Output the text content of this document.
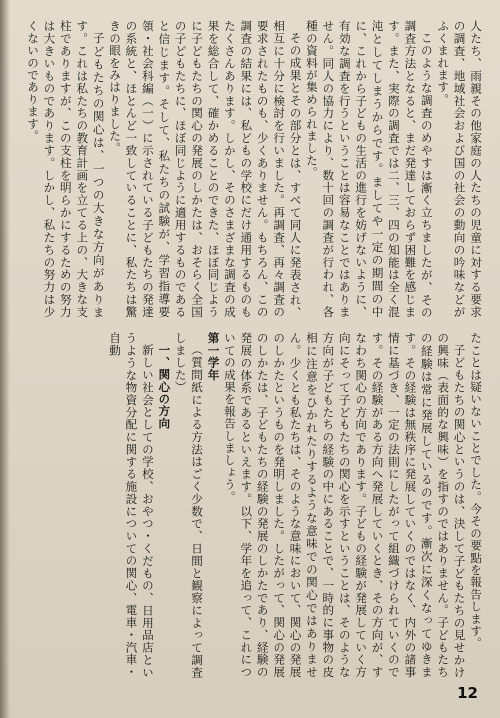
人たち、雨親その他家庭の人たちの児童に対する要求の調査、地域社会および国の社会の動向の吟味などがふくまれます。

このような調査のめやすは漸く立ちましたが、その調査方法となると、まだ発達しておらず困難を感じます。また、実際の調査では二、三、四の知能は全く混沌としてしまうからです。ましてや一定の期間の中に、これから子どもの生活の進行を妨げないように、有効な調査を行うということは容易なことではありません。同人の協力により、数十回の調査が行われ、各種の資料が集められました。

その成果とその部分とは、すべて同人に発表され、相互に十分に検討を行いました。再調査、再々調査の要求されたものも、少くありません。もちろん、この調査の結果には、私どもの学校にだけ通用するものもたくさんあります。しかし、そのさまざまな調査の成果を総合して、確かめることのできた、ほぼ同じように子どもたちの関心の発展のしかたは、おそらく全国の子どもたちに、ほぼ同じように適用するものであると信じます。そして、私たちの試験が、学習指導要領・社会科編（一）に示されている子どもたちの発達の系統と、ほとんど一致していることに、私たちは驚きの眼をみはりました。

子どもたちの関心は、一つの大きな方向があります。これは私たちの教育計画を立てる上の、大きな支柱でありますが、この支柱を明らかにするための努力は大きいものであります。しかし、私たちの努力は少くないのであります。

たことは疑いないことでした。今その要點を報告します。

子どもたちの関心というのは、決して子どもたちの見せかけの興味（表面的な興味）を指すのではありません。子どもたちの経験は常に発展しているのです。漸次に深くなってゆきます。その経験は無秩序に発展していくのではなく、内外の諸事情に基づき、一定の法則にしたがって組織づけられていくのです。その経験がある方向へ発展していくとき、その方向が、すなわち関心の方向であります。子どもの経験が発展していく方向にそって子どもたちの関心を示すということは、そのような方向が子どもたちの経験の中にあることで、一時的に事物の皮相に注意をひかれたりするような意味での関心ではありません。少くとも私たちは、そのような意味において、関心の発展のしかたというものを発明しました。したがって、関心の発展のしかたは、子どもたちの経験の発展のしかたであり、経験の発展の体系であるといえます。以下、学年を追って、これについての成果を報告しましょう。

第一学年

（質問紙による方法はごく少数で、日間と観察によって調査しました）

一、関心の方向

新しい社会としての学校、おやつ・くだもの、日用品店というような物資分配に関する施設についての関心、電車・汽車・自動

12
